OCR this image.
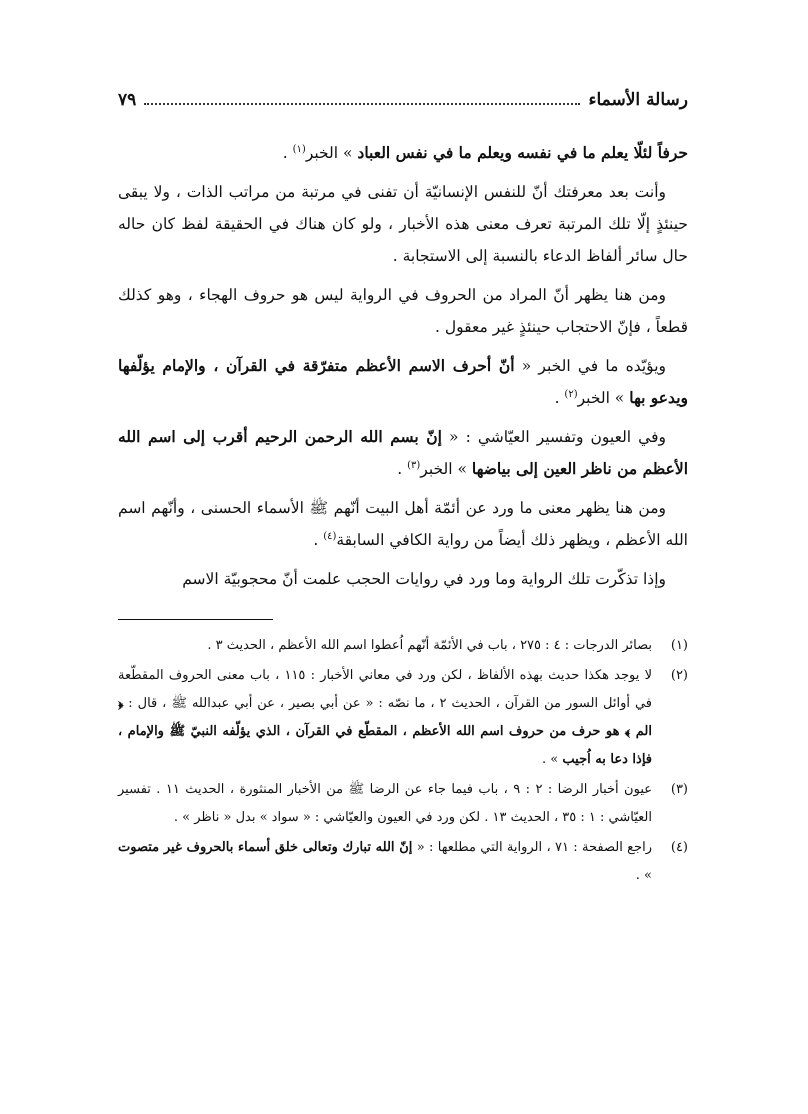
رسالة الأسماء
٧٩

حرفاً لئلّا يعلم ما في نفسه ويعلم ما في نفس العباد » الخبر$^{(١)}$ .

وأنت بعد معرفتك أنّ للنفس الإنسانيّة أن تفنى في مرتبة من مراتب الذات ، ولا يبقى حينئذٍ إلّا تلك المرتبة تعرف معنى هذه الأخبار ، ولو كان هناك في الحقيقة لفظ كان حاله حال سائر ألفاظ الدعاء بالنسبة إلى الاستجابة .

ومن هنا يظهر أنّ المراد من الحروف في الرواية ليس هو حروف الهجاء ، وهو كذلك قطعاً ، فإنّ الاحتجاب حينئذٍ غير معقول .

ويؤيّده ما في الخبر « أنّ أحرف الاسم الأعظم متفرّقة في القرآن ، والإمام يؤلّفها ويدعو بها » الخبر$^{(٢)}$ .

وفي العيون وتفسير العيّاشي : « إنّ بسم الله الرحمن الرحيم أقرب إلى اسم الله الأعظم من ناظر العين إلى بياضها » الخبر$^{(٣)}$ .

ومن هنا يظهر معنى ما ورد عن أئمّة أهل البيت أنّهم ﷺ الأسماء الحسنى ، وأنّهم اسم الله الأعظم ، ويظهر ذلك أيضاً من رواية الكافي السابقة$^{(٤)}$ .

وإذا تذكّرت تلك الرواية وما ورد في روايات الحجب علمت أنّ محجوبيّة الاسم

(١)
بصائر الدرجات : ٤ : ٢٧٥ ، باب في الأئمّة أنّهم اُعطوا اسم الله الأعظم ، الحديث ٣ .
(٢)
لا يوجد هكذا حديث بهذه الألفاظ ، لكن ورد في معاني الأخبار : ١١٥ ، باب معنى الحروف المقطّعة في أوائل السور من القرآن ، الحديث ٢ ، ما نصّه : « عن أبي بصير ، عن أبي عبدالله ﷺ ، قال : ﴿ الم ﴾ هو حرف من حروف اسم الله الأعظم ، المقطّع في القرآن ، الذي يؤلّفه النبيّ ﷺ والإمام ، فإذا دعا به اُجيب » .
(٣)
عيون أخبار الرضا : ٢ : ٩ ، باب فيما جاء عن الرضا ﷺ من الأخبار المنثورة ، الحديث ١١ . تفسير العيّاشي : ١ : ٣٥ ، الحديث ١٣ . لكن ورد في العيون والعيّاشي : « سواد » بدل « ناظر » .
(٤)
راجع الصفحة : ٧١ ، الرواية التي مطلعها : « إنّ الله تبارك وتعالى خلق أسماء بالحروف غير متصوت » .
